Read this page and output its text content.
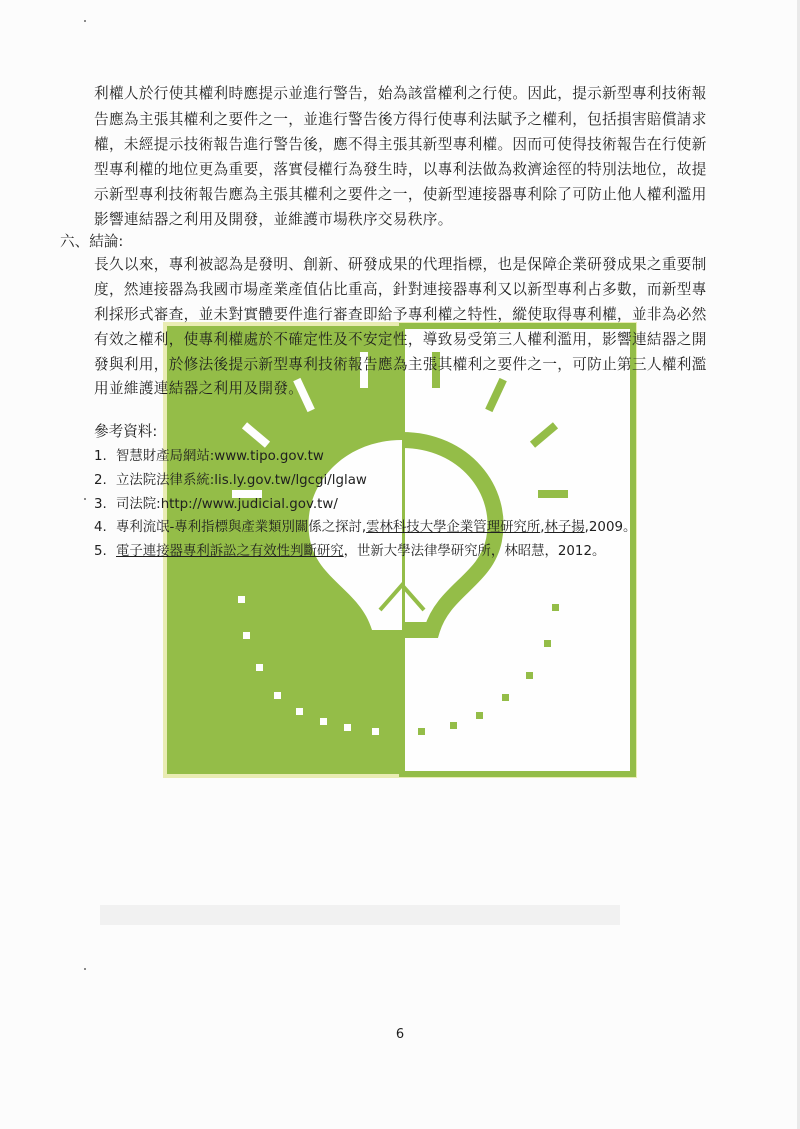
利權人於行使其權利時應提示並進行警告，始為該當權利之行使。因此，提示新型專利技術報
告應為主張其權利之要件之一，並進行警告後方得行使專利法賦予之權利，包括損害賠償請求
權，未經提示技術報告進行警告後，應不得主張其新型專利權。因而可使得技術報告在行使新
型專利權的地位更為重要，落實侵權行為發生時，以專利法做為救濟途徑的特別法地位，故提
示新型專利技術報告應為主張其權利之要件之一，使新型連接器專利除了可防止他人權利濫用
影響連結器之利用及開發，並維護市場秩序交易秩序。
六、結論:
長久以來，專利被認為是發明、創新、研發成果的代理指標，也是保障企業研發成果之重要制
度，然連接器為我國市場產業產值佔比重高，針對連接器專利又以新型專利占多數，而新型專
利採形式審查，並未對實體要件進行審查即給予專利權之特性，縱使取得專利權，並非為必然
有效之權利，使專利權處於不確定性及不安定性，導致易受第三人權利濫用，影響連結器之開
發與利用，於修法後提示新型專利技術報告應為主張其權利之要件之一，可防止第三人權利濫
用並維護連結器之利用及開發。
參考資料:
1. 智慧財產局網站:www.tipo.gov.tw
2. 立法院法律系統:lis.ly.gov.tw/lgcgi/lglaw
3. 司法院:http://www.judicial.gov.tw/
4. 專利流氓-專利指標與產業類別關係之探討,雲林科技大學企業管理研究所,林子揚,2009。
5. 電子連接器專利訴訟之有效性判斷研究，世新大學法律學研究所，林昭慧，2012。
6
